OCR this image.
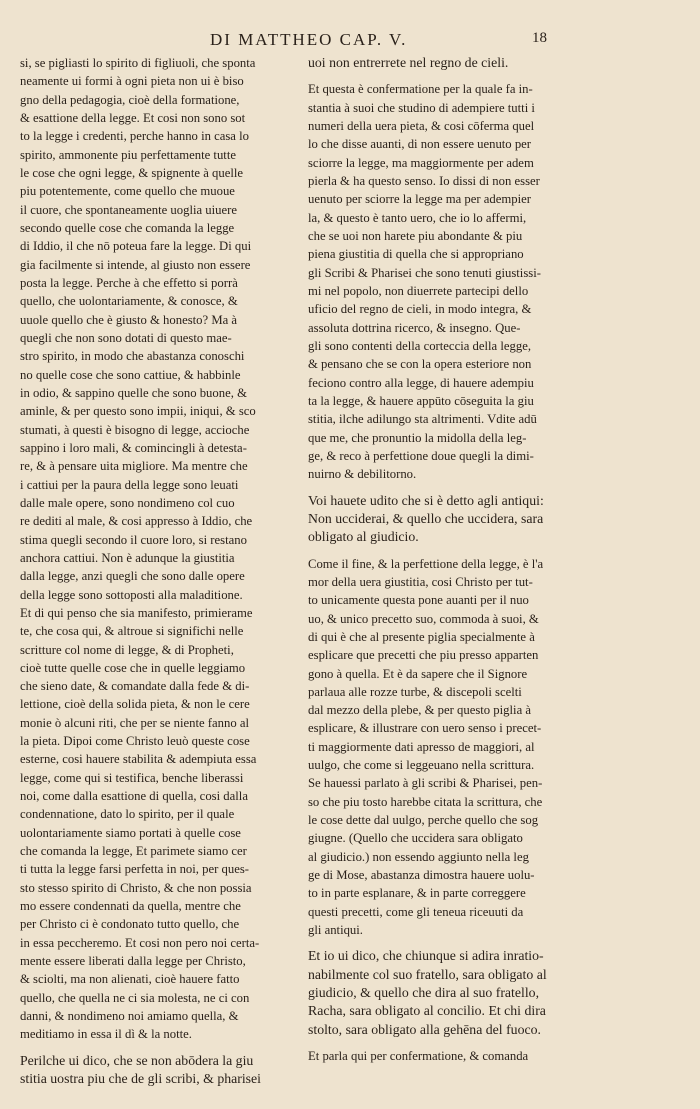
DI MATTHEO CAP. V.	18
si, se pigliasti lo spirito di figliuoli, che sponta
neamente ui formi à ogni pieta non ui è biso
gno della pedagogia, cioè della formatione,
& esattione della legge. Et cosi non sono sot
to la legge i credenti, perche hanno in casa lo
spirito, ammonente piu perfettamente tutte
le cose che ogni legge, & spignente à quelle
piu potentemente, come quello che muoue
il cuore, che spontaneamente uoglia uiuere
secondo quelle cose che comanda la legge
di Iddio, il che nō poteua fare la legge. Di qui
gia facilmente si intende, al giusto non essere
posta la legge. Perche à che effetto si porrà
quello, che uolontariamente, & conosce, &
uuole quello che è giusto & honesto? Ma à
quegli che non sono dotati di questo mae-
stro spirito, in modo che abastanza conoschi
no quelle cose che sono cattiue, & habbinle
in odio, & sappino quelle che sono buone, &
aminle, & per questo sono impii, iniqui, & sco
stumati, à questi è bisogno di legge, accioche
sappino i loro mali, & comincingli à detesta-
re, & à pensare uita migliore. Ma mentre che
i cattiui per la paura della legge sono leuati
dalle male opere, sono nondimeno col cuo
re dediti al male, & cosi appresso à Iddio, che
stima quegli secondo il cuore loro, si restano
anchora cattiui. Non è adunque la giustitia
dalla legge, anzi quegli che sono dalle opere
della legge sono sottoposti alla maladitione.
Et di qui penso che sia manifesto, primierame
te, che cosa qui, & altroue si significhi nelle
scritture col nome di legge, & di Propheti,
cioè tutte quelle cose che in quelle leggiamo
che sieno date, & comandate dalla fede & di-
lettione, cioè della solida pieta, & non le cere
monie ò alcuni riti, che per se niente fanno al
la pieta. Dipoi come Christo leuò queste cose
esterne, cosi hauere stabilita & adempiuta essa
legge, come qui si testifica, benche liberassi
noi, come dalla esattione di quella, cosi dalla
condennatione, dato lo spirito, per il quale
uolontariamente siamo portati à quelle cose
che comanda la legge, Et parimete siamo cer
ti tutta la legge farsi perfetta in noi, per ques-
sto stesso spirito di Christo, & che non possia
mo essere condennati da quella, mentre che
per Christo ci è condonato tutto quello, che
in essa peccheremo. Et cosi non pero noi certa-
mente essere liberati dalla legge per Christo,
& sciolti, ma non alienati, cioè hauere fatto
quello, che quella ne ci sia molesta, ne ci con
danni, & nondimeno noi amiamo quella, &
meditiamo in essa il dì & la notte.
Perilche ui dico, che se non abōdera la giu
stitia uostra piu che de gli scribi, & pharisei
uoi non entrerrete nel regno de cieli.
Et questa è confermatione per la quale fa in-
stantia à suoi che studino di adempiere tutti i
numeri della uera pieta, & cosi cōferma quel
lo che disse auanti, di non essere uenuto per
sciorre la legge, ma maggiormente per adem
pierla & ha questo senso. Io dissi di non esser
uenuto per sciorre la legge ma per adempier
la, & questo è tanto uero, che io lo affermi,
che se uoi non harete piu abondante & piu
piena giustitia di quella che si appropriano
gli Scribi & Pharisei che sono tenuti giustissi-
mi nel popolo, non diuerrete partecipi dello
uficio del regno de cieli, in modo integra, &
assoluta dottrina ricerco, & insegno. Que-
gli sono contenti della corteccia della legge,
& pensano che se con la opera esteriore non
feciono contro alla legge, di hauere adempiu
ta la legge, & hauere appūto cōseguita la giu
stitia, ilche adilungo sta altrimenti. Vdite adū
que me, che pronuntio la midolla della leg-
ge, & reco à perfettione doue quegli la dimi-
nuirno & debilitorno.
Voi hauete udito che si è detto agli antiqui:
Non ucciderai, & quello che uccidera, sara
obligato al giudicio.
Come il fine, & la perfettione della legge, è l'a
mor della uera giustitia, cosi Christo per tut-
to unicamente questa pone auanti per il nuo
uo, & unico precetto suo, commoda à suoi, &
di qui è che al presente piglia specialmente à
esplicare que precetti che piu presso apparten
gono à quella. Et è da sapere che il Signore
parlaua alle rozze turbe, & discepoli scelti
dal mezzo della plebe, & per questo piglia à
esplicare, & illustrare con uero senso i precet-
ti maggiormente dati apresso de maggiori, al
uulgo, che come si leggeuano nella scrittura.
Se hauessi parlato à gli scribi & Pharisei, pen-
so che piu tosto harebbe citata la scrittura, che
le cose dette dal uulgo, perche quello che sog
giugne. (Quello che uccidera sara obligato
al giudicio.) non essendo aggiunto nella leg
ge di Mose, abastanza dimostra hauere uolu-
to in parte esplanare, & in parte correggere
questi precetti, come gli teneua riceuuti da
gli antiqui.
Et io ui dico, che chiunque si adira inratio-
nabilmente col suo fratello, sara obligato al
giudicio, & quello che dira al suo fratello,
Racha, sara obligato al concilio. Et chi dira
stolto, sara obligato alla gehēna del fuoco.
Et parla qui per confermatione, & comanda
